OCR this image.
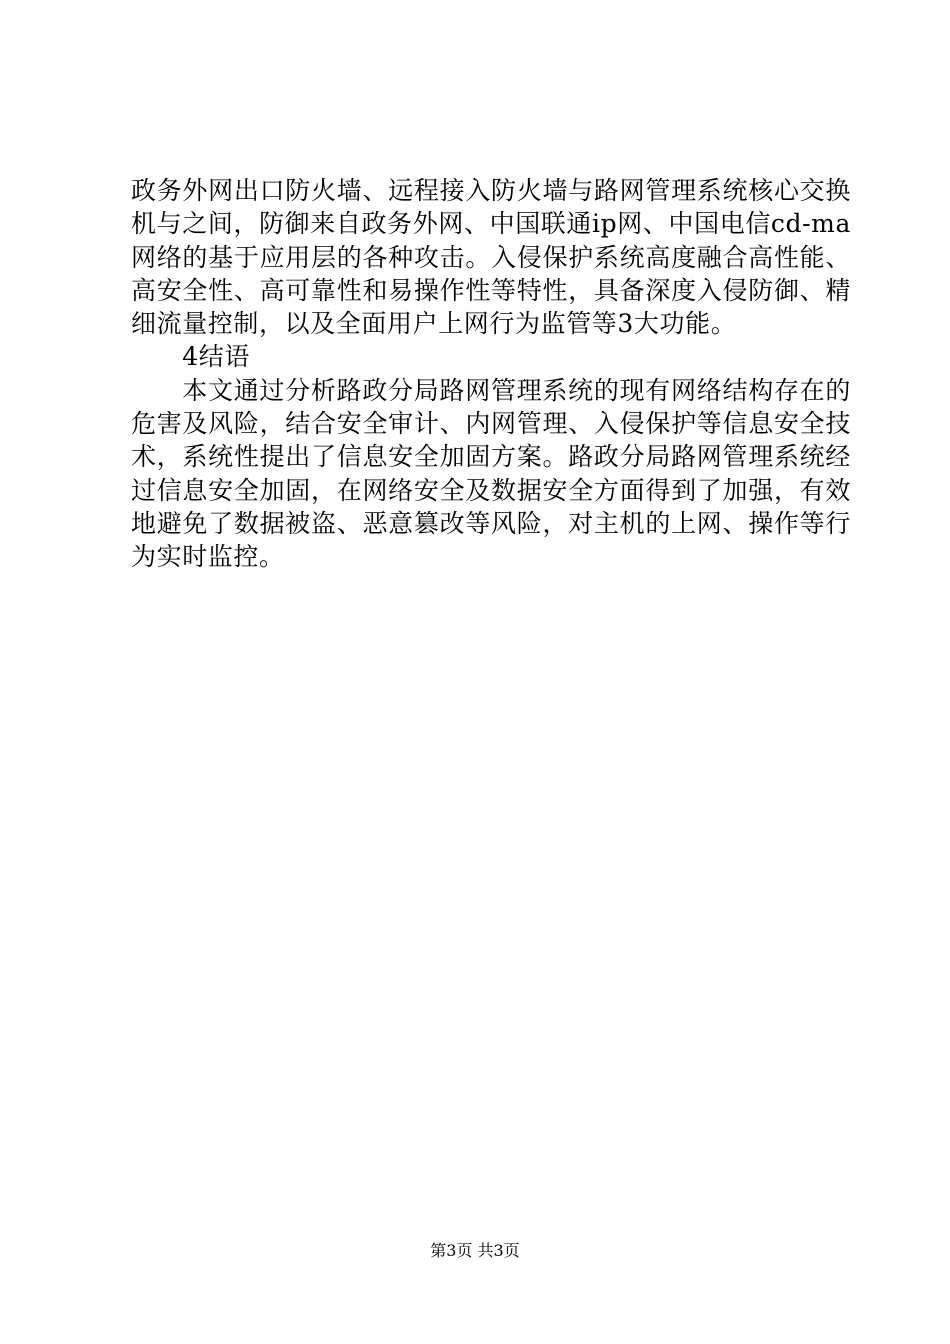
政务外网出口防火墙、远程接入防火墙与路网管理系统核心交换机与之间，防御来自政务外网、中国联通ip网、中国电信cd-ma网络的基于应用层的各种攻击。入侵保护系统高度融合高性能、高安全性、高可靠性和易操作性等特性，具备深度入侵防御、精细流量控制，以及全面用户上网行为监管等3大功能。

4结语

本文通过分析路政分局路网管理系统的现有网络结构存在的危害及风险，结合安全审计、内网管理、入侵保护等信息安全技术，系统性提出了信息安全加固方案。路政分局路网管理系统经过信息安全加固，在网络安全及数据安全方面得到了加强，有效地避免了数据被盗、恶意篡改等风险，对主机的上网、操作等行为实时监控。

第3页 共3页
